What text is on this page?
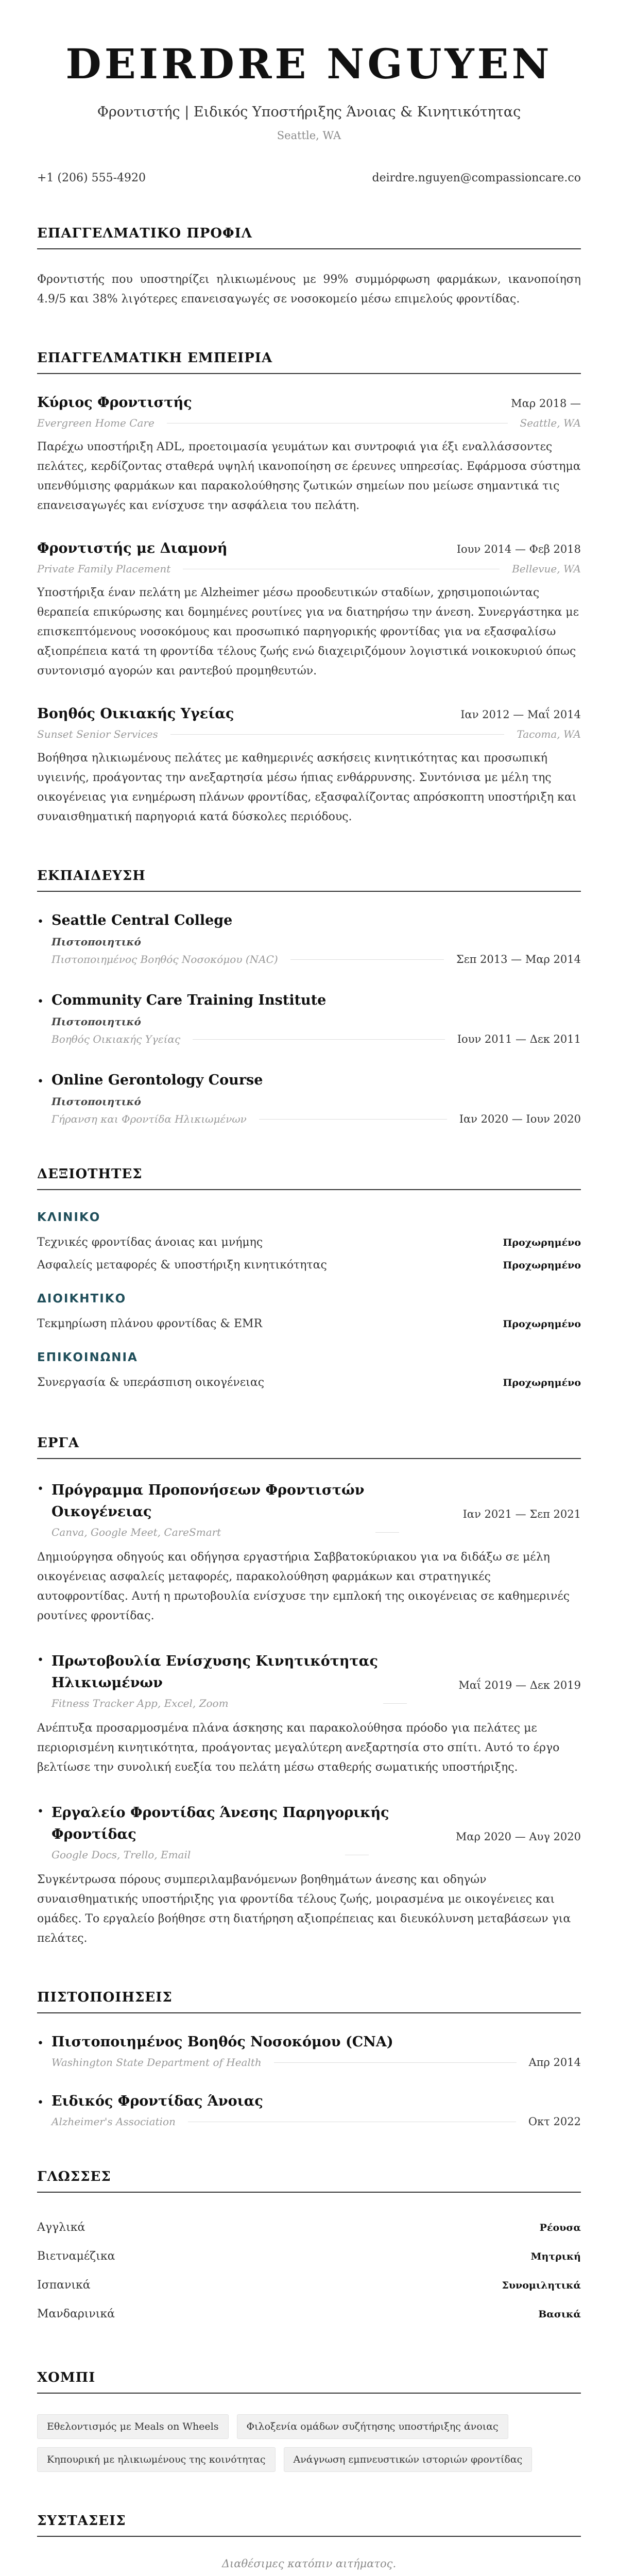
DEIRDRE NGUYEN
Φροντιστής | Ειδικός Υποστήριξης Άνοιας & Κινητικότητας
Seattle, WA
+1 (206) 555-4920	deirdre.nguyen@compassioncare.co
ΕΠΑΓΓΕΛΜΑΤΙΚΟ ΠΡΟΦΙΛ

Φροντιστής που υποστηρίζει ηλικιωμένους με 99% συμμόρφωση φαρμάκων, ικανοποίηση 4.9/5 και 38% λιγότερες επανεισαγωγές σε νοσοκομείο μέσω επιμελούς φροντίδας.

ΕΠΑΓΓΕΛΜΑΤΙΚΗ ΕΜΠΕΙΡΙΑ
Κύριος Φροντιστής	Μαρ 2018 —
Evergreen Home Care	Seattle, WA

Παρέχω υποστήριξη ADL, προετοιμασία γευμάτων και συντροφιά για έξι εναλλάσσοντες πελάτες, κερδίζοντας σταθερά υψηλή ικανοποίηση σε έρευνες υπηρεσίας. Εφάρμοσα σύστημα υπενθύμισης φαρμάκων και παρακολούθησης ζωτικών σημείων που μείωσε σημαντικά τις επανεισαγωγές και ενίσχυσε την ασφάλεια του πελάτη.

Φροντιστής με Διαμονή	Ιουν 2014 — Φεβ 2018
Private Family Placement	Bellevue, WA

Υποστήριξα έναν πελάτη με Alzheimer μέσω προοδευτικών σταδίων, χρησιμοποιώντας θεραπεία επικύρωσης και δομημένες ρουτίνες για να διατηρήσω την άνεση. Συνεργάστηκα με επισκεπτόμενους νοσοκόμους και προσωπικό παρηγορικής φροντίδας για να εξασφαλίσω αξιοπρέπεια κατά τη φροντίδα τέλους ζωής ενώ διαχειριζόμουν λογιστικά νοικοκυριού όπως συντονισμό αγορών και ραντεβού προμηθευτών.

Βοηθός Οικιακής Υγείας	Ιαν 2012 — Μαΐ 2014
Sunset Senior Services	Tacoma, WA

Βοήθησα ηλικιωμένους πελάτες με καθημερινές ασκήσεις κινητικότητας και προσωπική υγιεινής, προάγοντας την ανεξαρτησία μέσω ήπιας ενθάρρυνσης. Συντόνισα με μέλη της οικογένειας για ενημέρωση πλάνων φροντίδας, εξασφαλίζοντας απρόσκοπτη υποστήριξη και συναισθηματική παρηγοριά κατά δύσκολες περιόδους.

ΕΚΠΑΙΔΕΥΣΗ
• Seattle Central College
Πιστοποιητικό
Πιστοποιημένος Βοηθός Νοσοκόμου (NAC)	Σεπ 2013 — Μαρ 2014
• Community Care Training Institute
Πιστοποιητικό
Βοηθός Οικιακής Υγείας	Ιουν 2011 — Δεκ 2011
• Online Gerontology Course
Πιστοποιητικό
Γήρανση και Φροντίδα Ηλικιωμένων	Ιαν 2020 — Ιουν 2020
ΔΕΞΙΟΤΗΤΕΣ
ΚΛΙΝΙΚΟ
Τεχνικές φροντίδας άνοιας και μνήμης	Προχωρημένο
Ασφαλείς μεταφορές & υποστήριξη κινητικότητας	Προχωρημένο
ΔΙΟΙΚΗΤΙΚΟ
Τεκμηρίωση πλάνου φροντίδας & EMR	Προχωρημένο
ΕΠΙΚΟΙΝΩΝΙΑ
Συνεργασία & υπεράσπιση οικογένειας	Προχωρημένο
ΕΡΓΑ
• Πρόγραμμα Προπονήσεων Φροντιστών Οικογένειας	Ιαν 2021 — Σεπ 2021
Canva, Google Meet, CareSmart

Δημιούργησα οδηγούς και οδήγησα εργαστήρια Σαββατοκύριακου για να διδάξω σε μέλη οικογένειας ασφαλείς μεταφορές, παρακολούθηση φαρμάκων και στρατηγικές αυτοφροντίδας. Αυτή η πρωτοβουλία ενίσχυσε την εμπλοκή της οικογένειας σε καθημερινές ρουτίνες φροντίδας.

• Πρωτοβουλία Ενίσχυσης Κινητικότητας Ηλικιωμένων	Μαΐ 2019 — Δεκ 2019
Fitness Tracker App, Excel, Zoom

Ανέπτυξα προσαρμοσμένα πλάνα άσκησης και παρακολούθησα πρόοδο για πελάτες με περιορισμένη κινητικότητα, προάγοντας μεγαλύτερη ανεξαρτησία στο σπίτι. Αυτό το έργο βελτίωσε την συνολική ευεξία του πελάτη μέσω σταθερής σωματικής υποστήριξης.

• Εργαλείο Φροντίδας Άνεσης Παρηγορικής Φροντίδας	Μαρ 2020 — Αυγ 2020
Google Docs, Trello, Email

Συγκέντρωσα πόρους συμπεριλαμβανόμενων βοηθημάτων άνεσης και οδηγών συναισθηματικής υποστήριξης για φροντίδα τέλους ζωής, μοιρασμένα με οικογένειες και ομάδες. Το εργαλείο βοήθησε στη διατήρηση αξιοπρέπειας και διευκόλυνση μεταβάσεων για πελάτες.

ΠΙΣΤΟΠΟΙΗΣΕΙΣ
• Πιστοποιημένος Βοηθός Νοσοκόμου (CNA)
Washington State Department of Health	Απρ 2014
• Ειδικός Φροντίδας Άνοιας
Alzheimer's Association	Οκτ 2022
ΓΛΩΣΣΕΣ
Αγγλικά	Ρέουσα
Βιετναμέζικα	Μητρική
Ισπανικά	Συνομιλητικά
Μανδαρινικά	Βασικά
ΧΟΜΠΙ
Εθελοντισμός με Meals on Wheels	Φιλοξενία ομάδων συζήτησης υποστήριξης άνοιας
Κηπουρική με ηλικιωμένους της κοινότητας	Ανάγνωση εμπνευστικών ιστοριών φροντίδας
ΣΥΣΤΑΣΕΙΣ
Διαθέσιμες κατόπιν αιτήματος.
